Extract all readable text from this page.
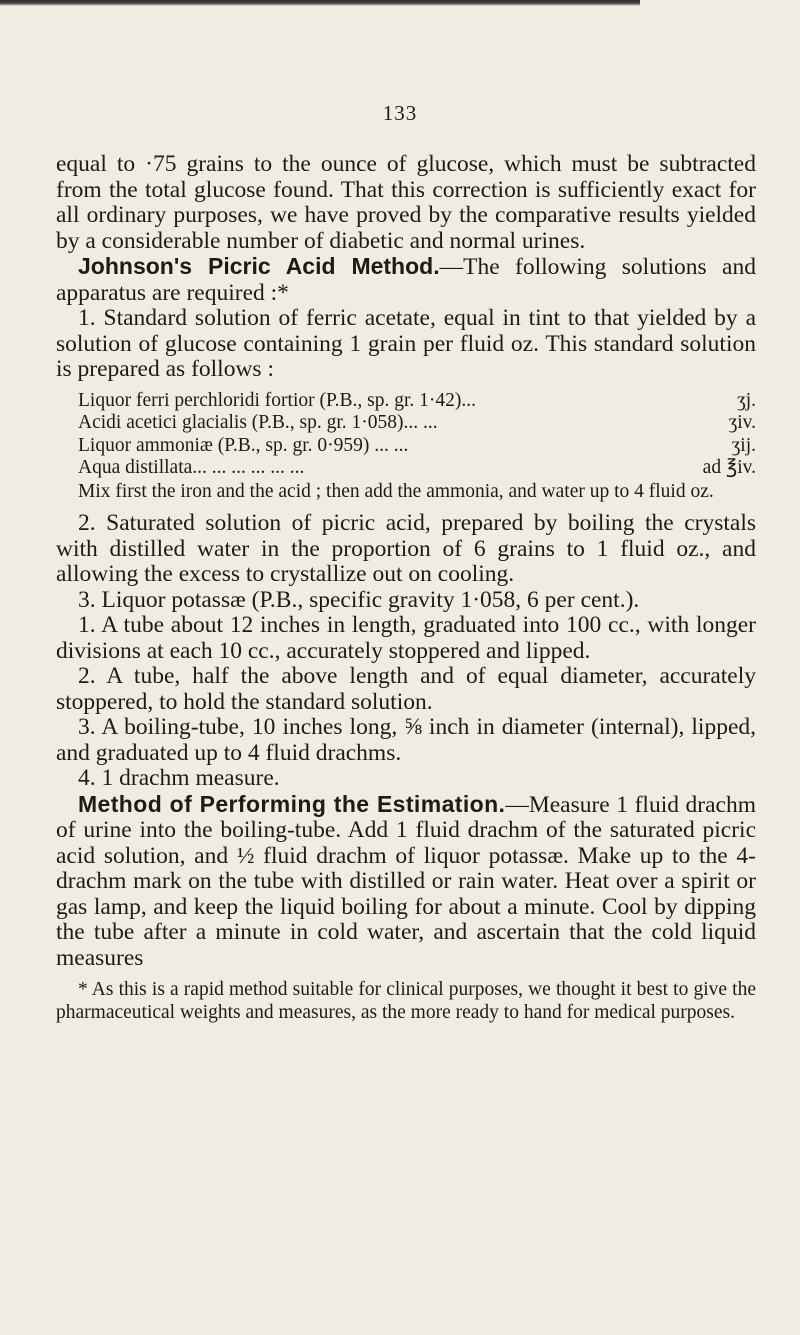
133

equal to ·75 grains to the ounce of glucose, which must be subtracted from the total glucose found. That this correction is sufficiently exact for all ordinary purposes, we have proved by the comparative results yielded by a considerable number of diabetic and normal urines.

Johnson's Picric Acid Method.—The following solutions and apparatus are required :*

1. Standard solution of ferric acetate, equal in tint to that yielded by a solution of glucose containing 1 grain per fluid oz. This standard solution is prepared as follows :

Liquor ferri perchloridi fortior (P.B., sp. gr. 1·42)...	ʒj.
Acidi acetici glacialis (P.B., sp. gr. 1·058)... ...	ʒiv.
Liquor ammoniæ (P.B., sp. gr. 0·959) ... ...	ʒij.
Aqua distillata... ... ... ... ... ...	ad ℥iv.

Mix first the iron and the acid ; then add the ammonia, and water up to 4 fluid oz.

2. Saturated solution of picric acid, prepared by boiling the crystals with distilled water in the proportion of 6 grains to 1 fluid oz., and allowing the excess to crystallize out on cooling.

3. Liquor potassæ (P.B., specific gravity 1·058, 6 per cent.).

1. A tube about 12 inches in length, graduated into 100 cc., with longer divisions at each 10 cc., accurately stoppered and lipped.

2. A tube, half the above length and of equal diameter, accurately stoppered, to hold the standard solution.

3. A boiling-tube, 10 inches long, ⅝ inch in diameter (internal), lipped, and graduated up to 4 fluid drachms.

4. 1 drachm measure.

Method of Performing the Estimation.—Measure 1 fluid drachm of urine into the boiling-tube. Add 1 fluid drachm of the saturated picric acid solution, and ½ fluid drachm of liquor potassæ. Make up to the 4-drachm mark on the tube with distilled or rain water. Heat over a spirit or gas lamp, and keep the liquid boiling for about a minute. Cool by dipping the tube after a minute in cold water, and ascertain that the cold liquid measures

* As this is a rapid method suitable for clinical purposes, we thought it best to give the pharmaceutical weights and measures, as the more ready to hand for medical purposes.
